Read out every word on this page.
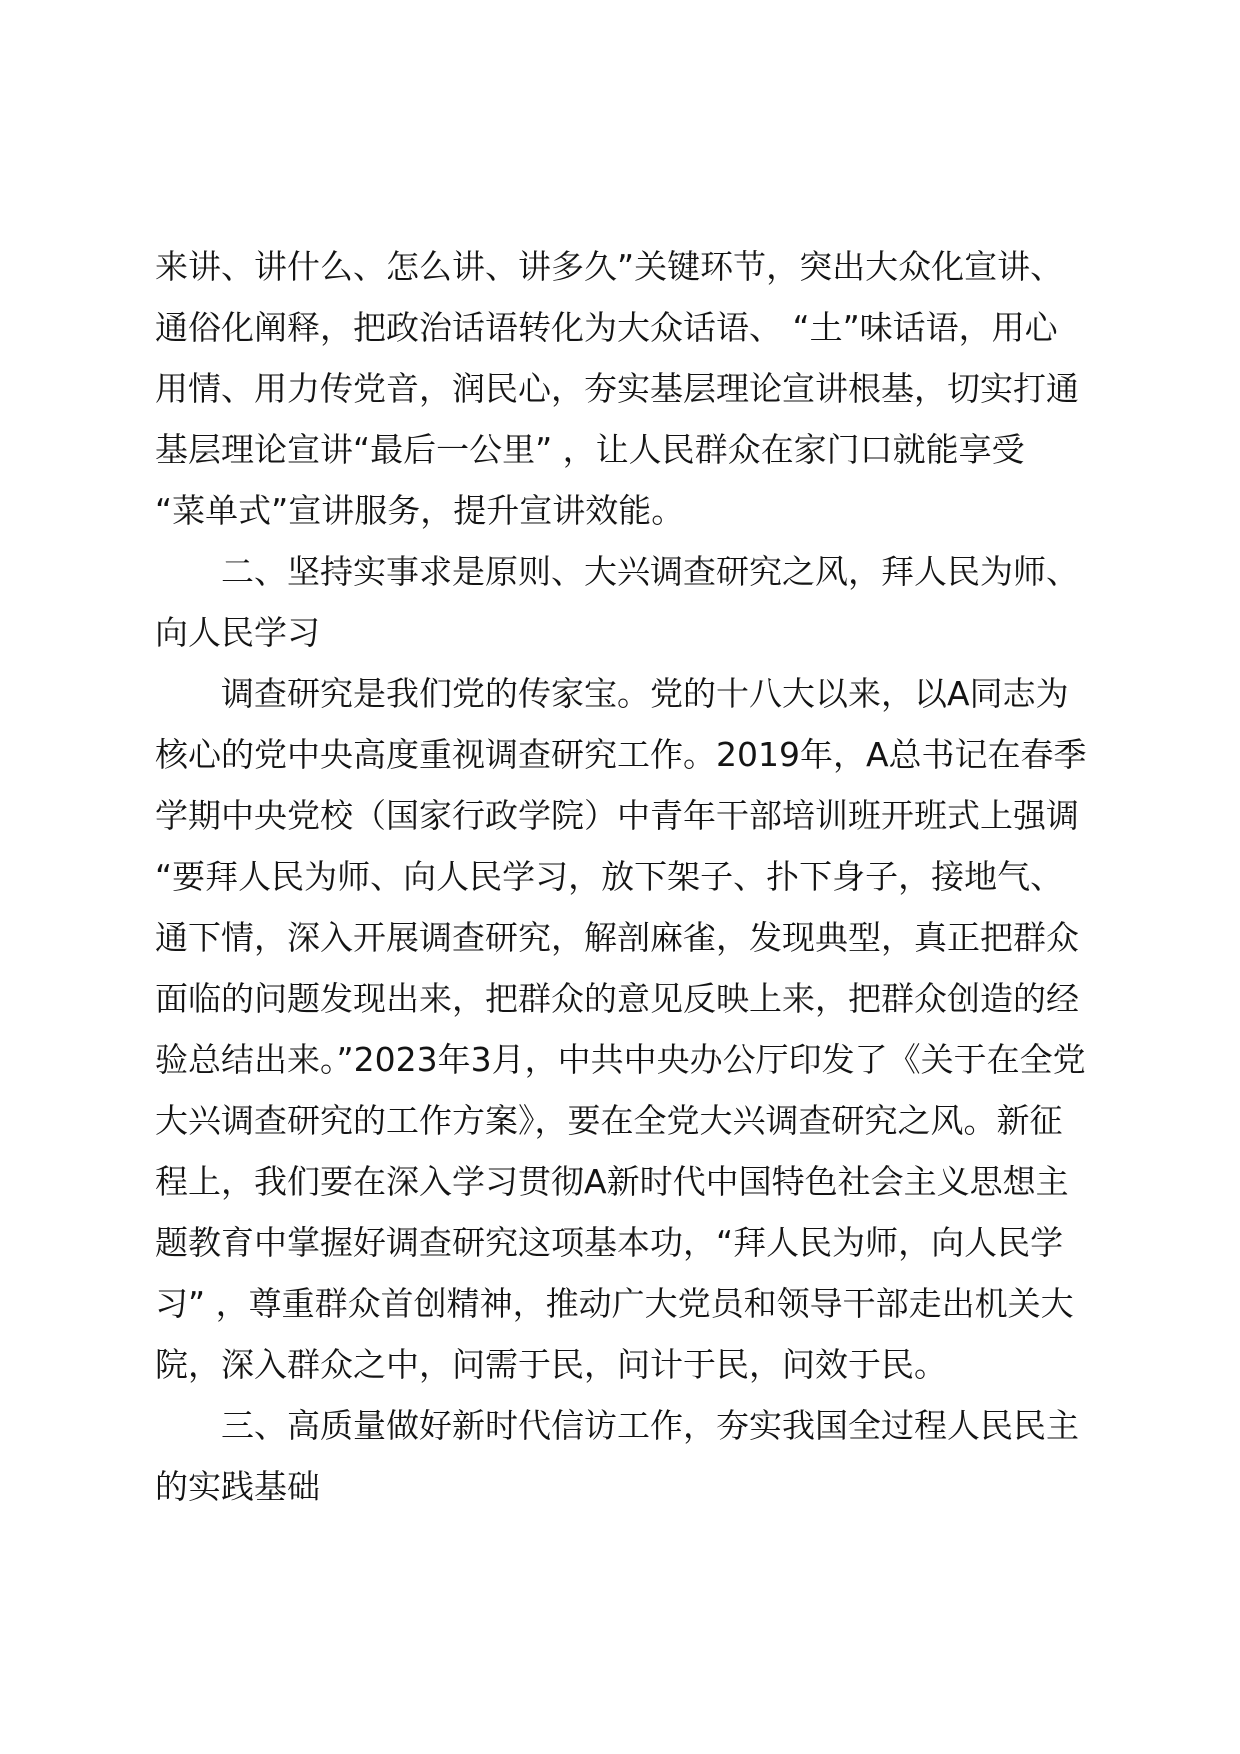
来讲、讲什么、怎么讲、讲多久”关键环节，突出大众化宣讲、
通俗化阐释，把政治话语转化为大众话语、 “土”味话语，用心
用情、用力传党音，润民心，夯实基层理论宣讲根基，切实打通
基层理论宣讲“最后一公里” ，让人民群众在家门口就能享受
“菜单式”宣讲服务，提升宣讲效能。
二、坚持实事求是原则、大兴调查研究之风，拜人民为师、
向人民学习
调查研究是我们党的传家宝。党的十八大以来，以A同志为
核心的党中央高度重视调查研究工作。2019年，A总书记在春季
学期中央党校（国家行政学院）中青年干部培训班开班式上强调
“要拜人民为师、向人民学习，放下架子、扑下身子，接地气、
通下情，深入开展调查研究，解剖麻雀，发现典型，真正把群众
面临的问题发现出来，把群众的意见反映上来，把群众创造的经
验总结出来。”2023年3月，中共中央办公厅印发了《关于在全党
大兴调查研究的工作方案》，要在全党大兴调查研究之风。新征
程上，我们要在深入学习贯彻A新时代中国特色社会主义思想主
题教育中掌握好调查研究这项基本功，“拜人民为师，向人民学
习” ，尊重群众首创精神，推动广大党员和领导干部走出机关大
院，深入群众之中，问需于民，问计于民，问效于民。
三、高质量做好新时代信访工作，夯实我国全过程人民民主
的实践基础
